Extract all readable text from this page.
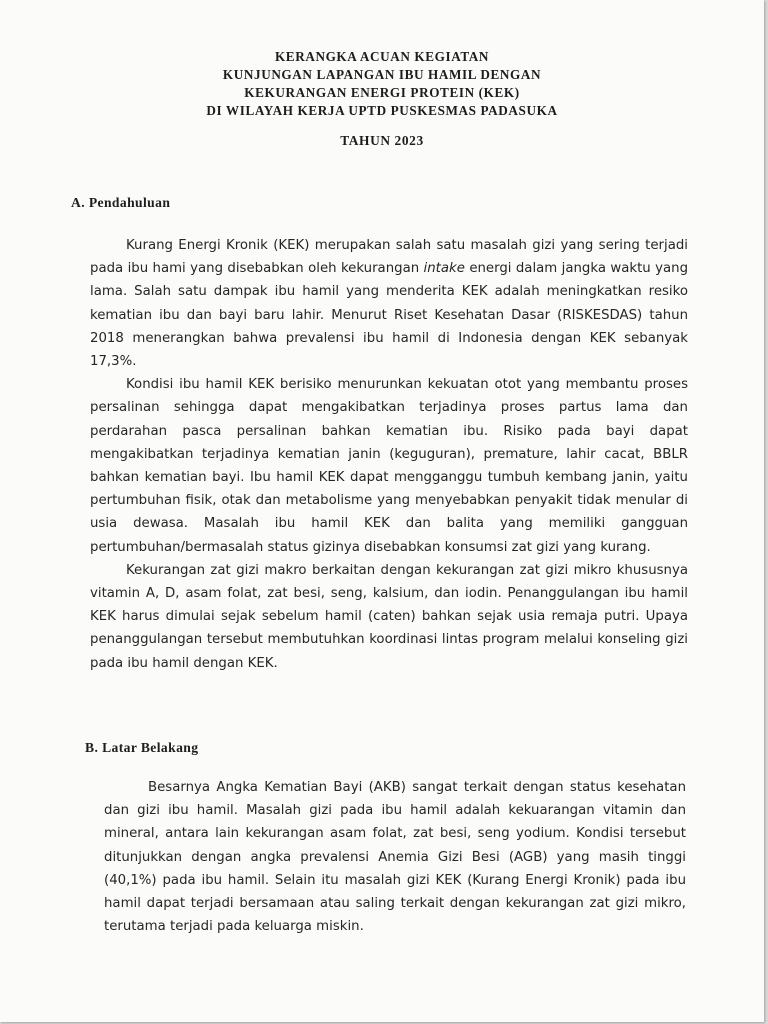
KERANGKA ACUAN KEGIATAN
KUNJUNGAN LAPANGAN IBU HAMIL DENGAN
KEKURANGAN ENERGI PROTEIN (KEK)
DI WILAYAH KERJA UPTD PUSKESMAS PADASUKA
TAHUN 2023
A. Pendahuluan

Kurang Energi Kronik (KEK) merupakan salah satu masalah gizi yang sering terjadi pada ibu hami yang disebabkan oleh kekurangan intake energi dalam jangka waktu yang lama. Salah satu dampak ibu hamil yang menderita KEK adalah meningkatkan resiko kematian ibu dan bayi baru lahir. Menurut Riset Kesehatan Dasar (RISKESDAS) tahun 2018 menerangkan bahwa prevalensi ibu hamil di Indonesia dengan KEK sebanyak 17,3%.

Kondisi ibu hamil KEK berisiko menurunkan kekuatan otot yang membantu proses persalinan sehingga dapat mengakibatkan terjadinya proses partus lama dan perdarahan pasca persalinan bahkan kematian ibu. Risiko pada bayi dapat mengakibatkan terjadinya kematian janin (keguguran), premature, lahir cacat, BBLR bahkan kematian bayi. Ibu hamil KEK dapat mengganggu tumbuh kembang janin, yaitu pertumbuhan fisik, otak dan metabolisme yang menyebabkan penyakit tidak menular di usia dewasa. Masalah ibu hamil KEK dan balita yang memiliki gangguan pertumbuhan/bermasalah status gizinya disebabkan konsumsi zat gizi yang kurang.

Kekurangan zat gizi makro berkaitan dengan kekurangan zat gizi mikro khususnya vitamin A, D, asam folat, zat besi, seng, kalsium, dan iodin. Penanggulangan ibu hamil KEK harus dimulai sejak sebelum hamil (caten) bahkan sejak usia remaja putri. Upaya penanggulangan tersebut membutuhkan koordinasi lintas program melalui konseling gizi pada ibu hamil dengan KEK.

B. Latar Belakang

Besarnya Angka Kematian Bayi (AKB) sangat terkait dengan status kesehatan dan gizi ibu hamil. Masalah gizi pada ibu hamil adalah kekuarangan vitamin dan mineral, antara lain kekurangan asam folat, zat besi, seng yodium. Kondisi tersebut ditunjukkan dengan angka prevalensi Anemia Gizi Besi (AGB) yang masih tinggi (40,1%) pada ibu hamil. Selain itu masalah gizi KEK (Kurang Energi Kronik) pada ibu hamil dapat terjadi bersamaan atau saling terkait dengan kekurangan zat gizi mikro, terutama terjadi pada keluarga miskin.
